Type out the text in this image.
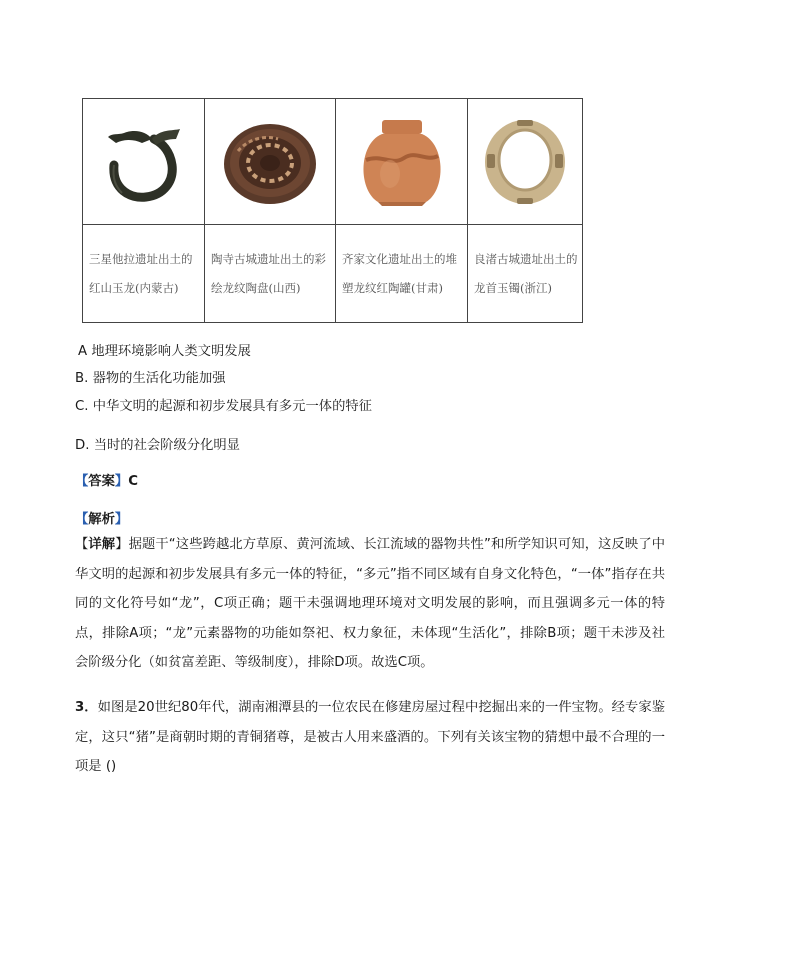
三星他拉遗址出土的红山玉龙(内蒙古)	陶寺古城遗址出土的彩绘龙纹陶盘(山西)	齐家文化遗址出土的堆塑龙纹红陶罐(甘肃)	良渚古城遗址出土的龙首玉镯(浙江)
A 地理环境影响人类文明发展
B. 器物的生活化功能加强
C. 中华文明的起源和初步发展具有多元一体的特征
D. 当时的社会阶级分化明显
【答案】C
【解析】
【详解】据题干“这些跨越北方草原、黄河流域、长江流域的器物共性”和所学知识可知，这反映了中华文明的起源和初步发展具有多元一体的特征，“多元”指不同区域有自身文化特色，“一体”指存在共同的文化符号如“龙”，C项正确；题干未强调地理环境对文明发展的影响，而且强调多元一体的特点，排除A项；“龙”元素器物的功能如祭祀、权力象征，未体现“生活化”，排除B项；题干未涉及社会阶级分化（如贫富差距、等级制度），排除D项。故选C项。
3．如图是20世纪80年代，湖南湘潭县的一位农民在修建房屋过程中挖掘出来的一件宝物。经专家鉴定，这只“猪”是商朝时期的青铜猪尊，是被古人用来盛酒的。下列有关该宝物的猜想中最不合理的一项是 ()
